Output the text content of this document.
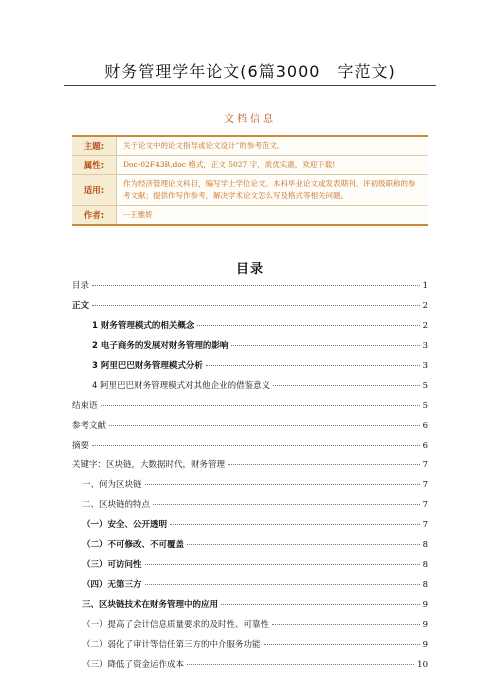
财务管理学年论文(6篇3000　字范文)
文档信息
主题:	关于论文中的论文指导或论文设计”的参考范文。
属性:	Doc-02F43B,doc 格式，正文 5027 字，质优实惠，欢迎下载!
适用:
作为经济管理论文科目，编写学士学位论文、本科毕业论文或发表期刊、评初级职称的参考文献；提供作写作参考，解决学术论文怎么写及格式等相关问题。
作者:	···王雅娇
目录
目录	1
正文	2
1 财务管理模式的相关概念	2
2 电子商务的发展对财务管理的影响	3
3 阿里巴巴财务管理模式分析	3
4 阿里巴巴财务管理模式对其他企业的借鉴意义	5
结束语	5
参考文献	6
摘要	6
关键字：区块链，大数据时代，财务管理	7
一、何为区块链	7
二、区块链的特点	7
（一）安全、公开透明	7
（二）不可修改、不可覆盖	8
（三）可访问性	8
（四）无第三方	8
三、区块链技术在财务管理中的应用	9
（一）提高了会计信息质量要求的及时性、可靠性	9
（二）弱化了审计等信任第三方的中介服务功能	9
（三）降低了资金运作成本	10
